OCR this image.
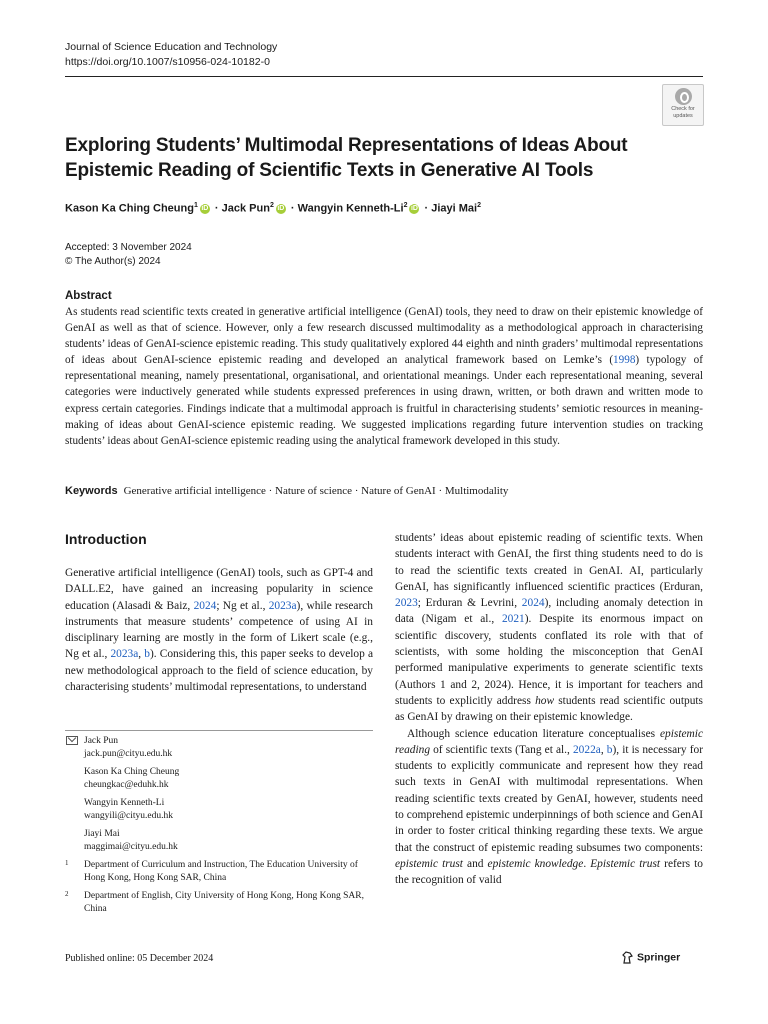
Journal of Science Education and Technology
https://doi.org/10.1007/s10956-024-10182-0
Check for
updates
Exploring Students’ Multimodal Representations of Ideas About
Epistemic Reading of Scientific Texts in Generative AI Tools
Kason Ka Ching Cheung$^1$ iD · Jack Pun$^2$ iD · Wangyin Kenneth-Li$^2$ iD · Jiayi Mai$^2$
Accepted: 3 November 2024
© The Author(s) 2024
Abstract

As students read scientific texts created in generative artificial intelligence (GenAI) tools, they need to draw on their epistemic knowledge of GenAI as well as that of science. However, only a few research discussed multimodality as a methodological approach in characterising students’ ideas of GenAI-science epistemic reading. This study qualitatively explored 44 eighth and ninth graders’ multimodal representations of ideas about GenAI-science epistemic reading and developed an analytical framework based on Lemke’s (1998) typology of representational meaning, namely presentational, organisational, and orientational meanings. Under each representational meaning, several categories were inductively generated while students expressed preferences in using drawn, written, or both drawn and written mode to express certain categories. Findings indicate that a multimodal approach is fruitful in characterising students’ semiotic resources in meaning-making of ideas about GenAI-science epistemic reading. We suggested implications regarding future intervention studies on tracking students’ ideas about GenAI-science epistemic reading using the analytical framework developed in this study.

Keywords Generative artificial intelligence · Nature of science · Nature of GenAI · Multimodality
Introduction

Generative artificial intelligence (GenAI) tools, such as GPT-4 and DALL.E2, have gained an increasing popularity in science education (Alasadi & Baiz, 2024; Ng et al., 2023a), while research instruments that measure students’ competence of using AI in disciplinary learning are mostly in the form of Likert scale (e.g., Ng et al., 2023a, b). Considering this, this paper seeks to develop a new methodological approach to the field of science education, by characterising students’ multimodal representations, to understand

Jack Pun
jack.pun@cityu.edu.hk
Kason Ka Ching Cheung
cheungkac@eduhk.hk
Wangyin Kenneth-Li
wangyili@cityu.edu.hk
Jiayi Mai
maggimai@cityu.edu.hk
1 Department of Curriculum and Instruction, The Education University of Hong Kong, Hong Kong SAR, China
2 Department of English, City University of Hong Kong, Hong Kong SAR, China

students’ ideas about epistemic reading of scientific texts. When students interact with GenAI, the first thing students need to do is to read the scientific texts created in GenAI. AI, particularly GenAI, has significantly influenced scientific practices (Erduran, 2023; Erduran & Levrini, 2024), including anomaly detection in data (Nigam et al., 2021). Despite its enormous impact on scientific discovery, students conflated its role with that of scientists, with some holding the misconception that GenAI performed manipulative experiments to generate scientific texts (Authors 1 and 2, 2024). Hence, it is important for teachers and students to explicitly address how students read scientific outputs as GenAI by drawing on their epistemic knowledge.

Although science education literature conceptualises epistemic reading of scientific texts (Tang et al., 2022a, b), it is necessary for students to explicitly communicate and represent how they read such texts in GenAI with multimodal representations. When reading scientific texts created by GenAI, however, students need to comprehend epistemic underpinnings of both science and GenAI in order to foster critical thinking regarding these texts. We argue that the construct of epistemic reading subsumes two components: epistemic trust and epistemic knowledge. Epistemic trust refers to the recognition of valid

Published online: 05 December 2024	Springer
